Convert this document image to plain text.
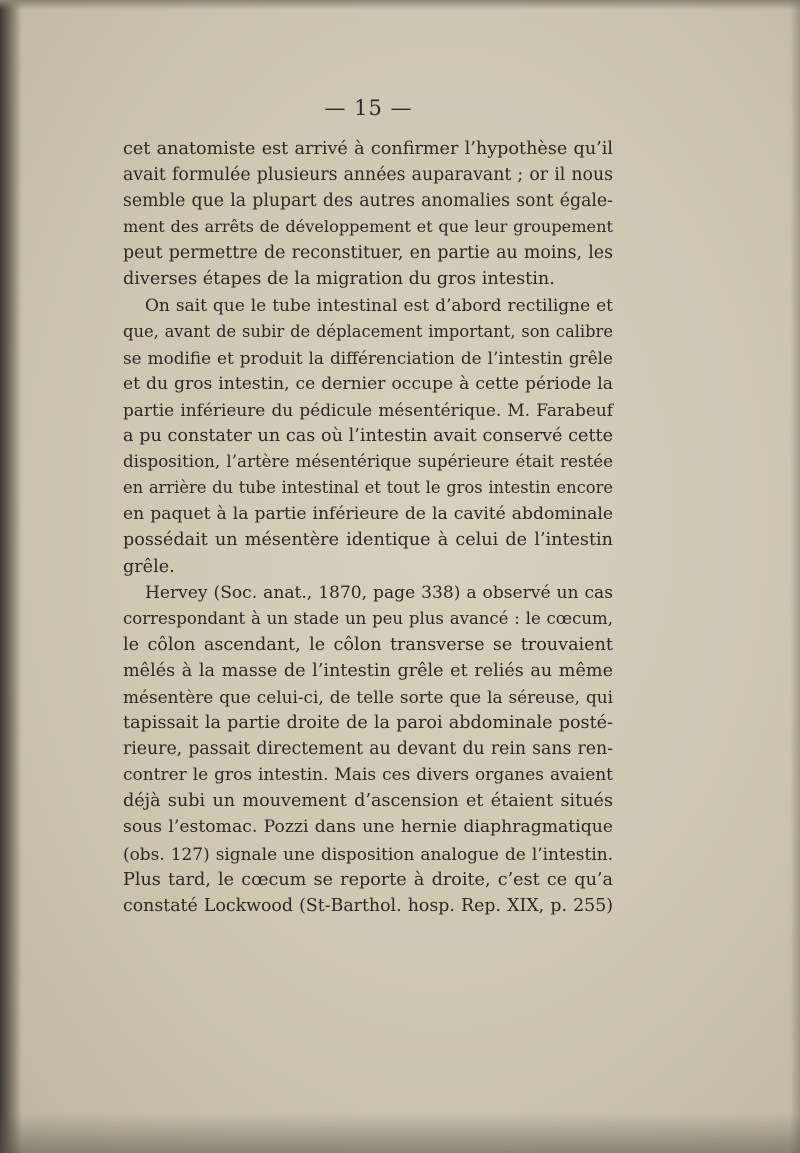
— 15 —
cet anatomiste est arrivé à confirmer l’hypothèse qu’il
avait formulée plusieurs années auparavant ; or il nous
semble que la plupart des autres anomalies sont égale-
ment des arrêts de développement et que leur groupement
peut permettre de reconstituer, en partie au moins, les
diverses étapes de la migration du gros intestin.
On sait que le tube intestinal est d’abord rectiligne et
que, avant de subir de déplacement important, son calibre
se modifie et produit la différenciation de l’intestin grêle
et du gros intestin, ce dernier occupe à cette période la
partie inférieure du pédicule mésentérique. M. Farabeuf
a pu constater un cas où l’intestin avait conservé cette
disposition, l’artère mésentérique supérieure était restée
en arrière du tube intestinal et tout le gros intestin encore
en paquet à la partie inférieure de la cavité abdominale
possédait un mésentère identique à celui de l’intestin
grêle.
Hervey (Soc. anat., 1870, page 338) a observé un cas
correspondant à un stade un peu plus avancé : le cœcum,
le côlon ascendant, le côlon transverse se trouvaient
mêlés à la masse de l’intestin grêle et reliés au même
mésentère que celui-ci, de telle sorte que la séreuse, qui
tapissait la partie droite de la paroi abdominale posté-
rieure, passait directement au devant du rein sans ren-
contrer le gros intestin. Mais ces divers organes avaient
déjà subi un mouvement d’ascension et étaient situés
sous l’estomac. Pozzi dans une hernie diaphragmatique
(obs. 127) signale une disposition analogue de l’intestin.
Plus tard, le cœcum se reporte à droite, c’est ce qu’a
constaté Lockwood (St-Barthol. hosp. Rep. XIX, p. 255)
